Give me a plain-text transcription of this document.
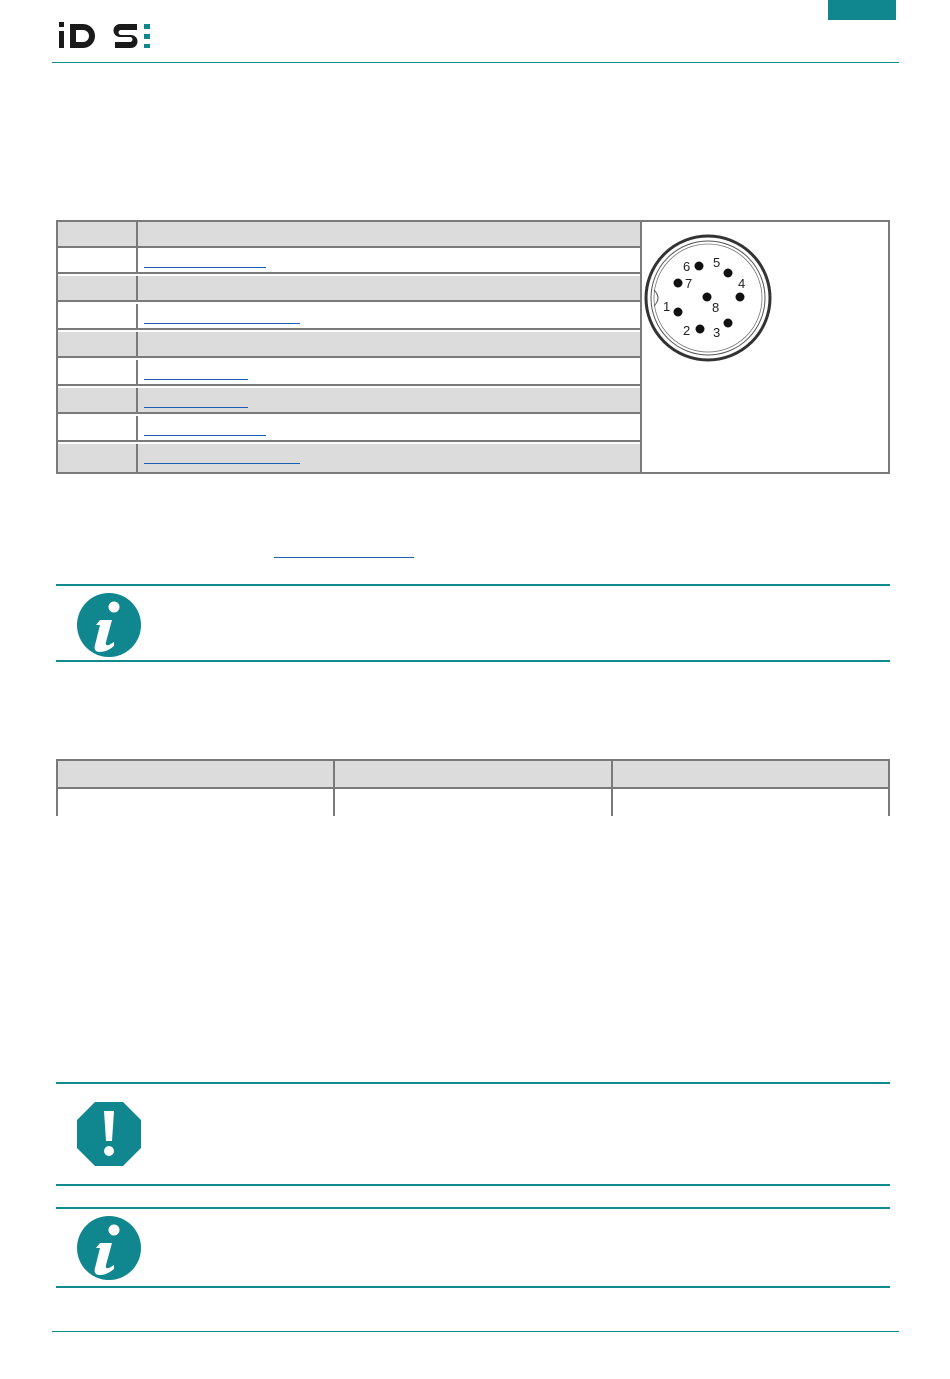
6 5
7	4
1	8
2 3
